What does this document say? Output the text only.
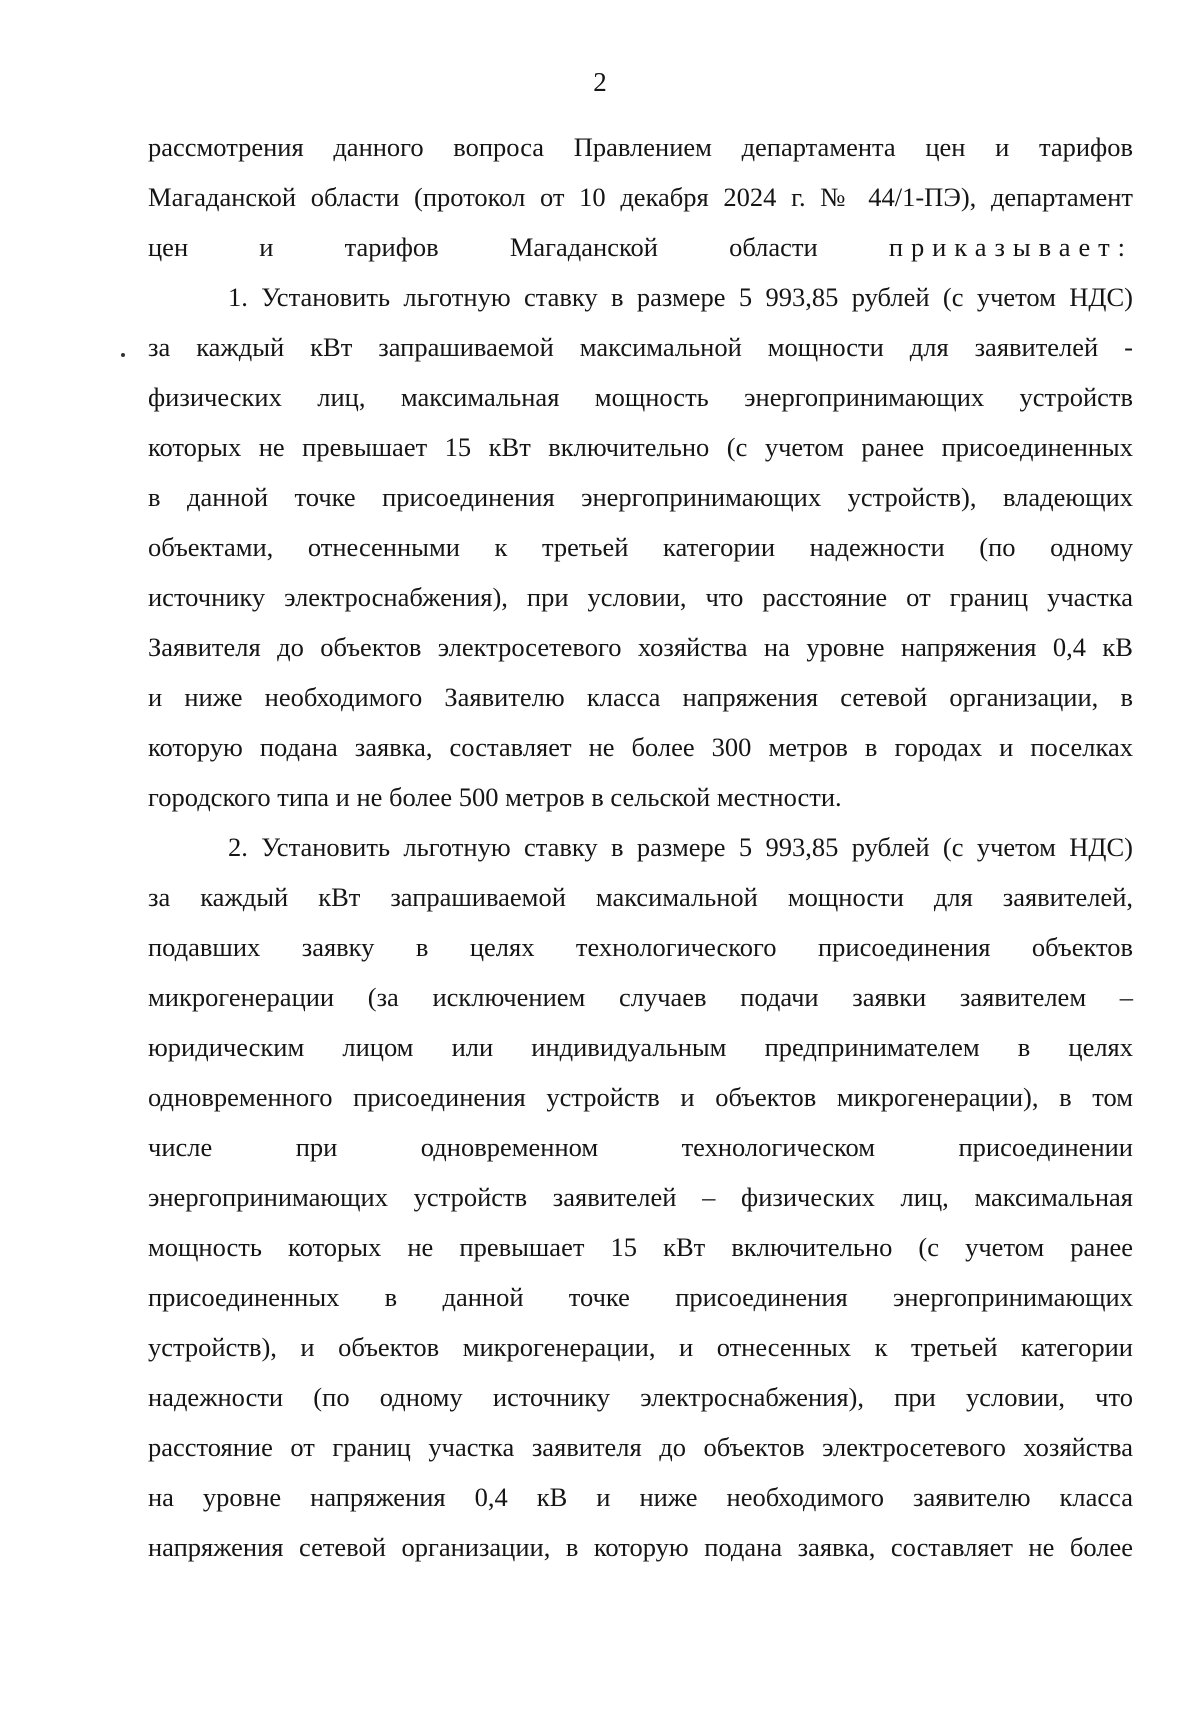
2
рассмотрения данного вопроса Правлением департамента цен и тарифов
Магаданской области (протокол от 10 декабря 2024 г. № 44/1-ПЭ), департамент
цен	и	тарифов	Магаданской	области	приказывает:
1. Установить льготную ставку в размере 5 993,85 рублей (с учетом НДС)
за каждый кВт запрашиваемой максимальной мощности для заявителей -
физических лиц, максимальная мощность энергопринимающих устройств
которых не превышает 15 кВт включительно (с учетом ранее присоединенных
в данной точке присоединения энергопринимающих устройств), владеющих
объектами, отнесенными к третьей категории надежности (по одному
источнику электроснабжения), при условии, что расстояние от границ участка
Заявителя до объектов электросетевого хозяйства на уровне напряжения 0,4 кВ
и ниже необходимого Заявителю класса напряжения сетевой организации, в
которую подана заявка, составляет не более 300 метров в городах и поселках
городского типа и не более 500 метров в сельской местности.
2. Установить льготную ставку в размере 5 993,85 рублей (с учетом НДС)
за каждый кВт запрашиваемой максимальной мощности для заявителей,
подавших заявку в целях технологического присоединения объектов
микрогенерации (за исключением случаев подачи заявки заявителем –
юридическим лицом или индивидуальным предпринимателем в целях
одновременного присоединения устройств и объектов микрогенерации), в том
числе при одновременном технологическом присоединении
энергопринимающих устройств заявителей – физических лиц, максимальная
мощность которых не превышает 15 кВт включительно (с учетом ранее
присоединенных в данной точке присоединения энергопринимающих
устройств), и объектов микрогенерации, и отнесенных к третьей категории
надежности (по одному источнику электроснабжения), при условии, что
расстояние от границ участка заявителя до объектов электросетевого хозяйства
на уровне напряжения 0,4 кВ и ниже необходимого заявителю класса
напряжения сетевой организации, в которую подана заявка, составляет не более
